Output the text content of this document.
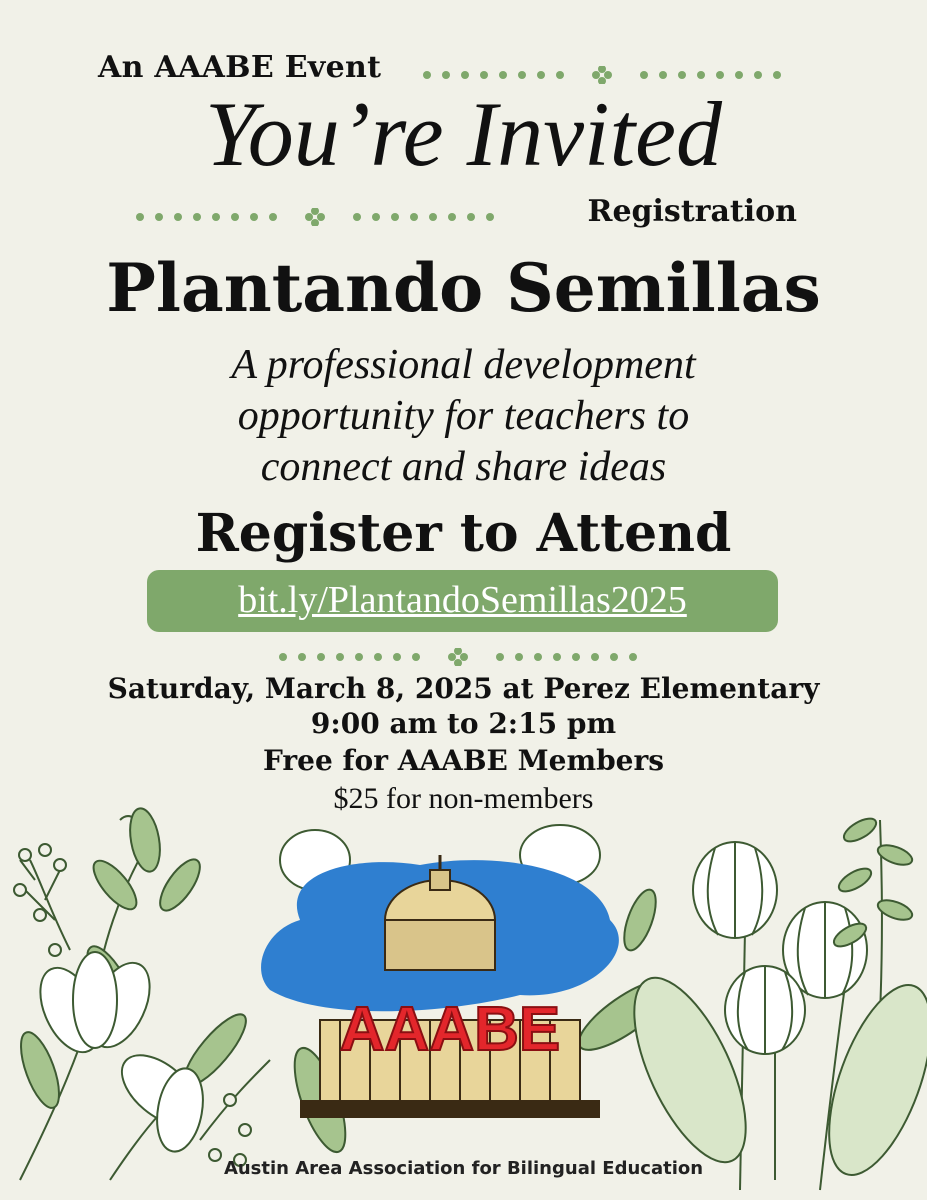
An AAABE Event
You’re Invited
Registration
Plantando Semillas
A professional development
opportunity for teachers to
connect and share ideas
Register to Attend
bit.ly/PlantandoSemillas2025
Saturday, March 8, 2025 at Perez Elementary
9:00 am to 2:15 pm
Free for AAABE Members
$25 for non-members
AAABE
Austin Area Association for Bilingual Education
